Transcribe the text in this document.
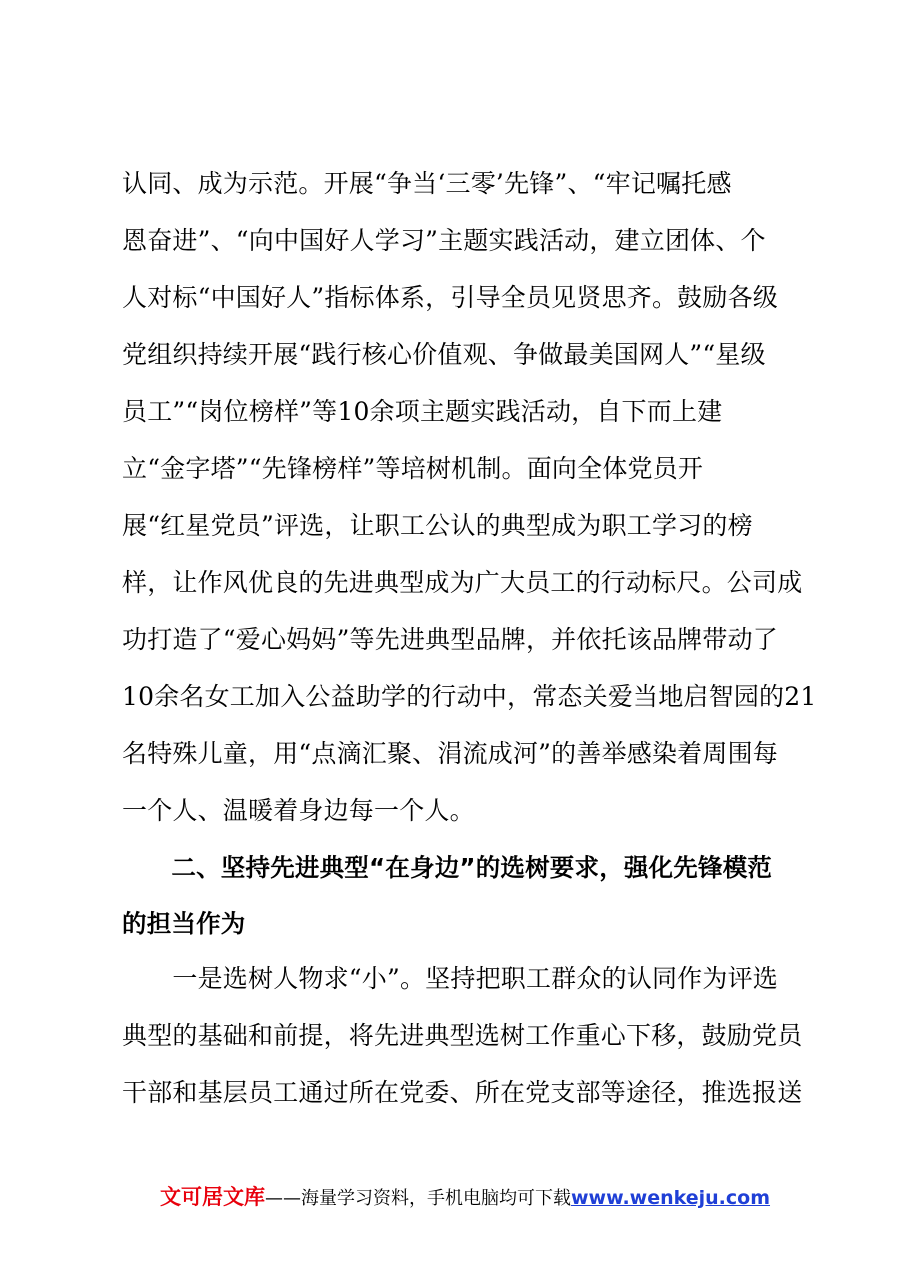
认同、成为示范。开展“争当‘三零’先锋”、“牢记嘱托感

恩奋进”、“向中国好人学习”主题实践活动，建立团体、个

人对标“中国好人”指标体系，引导全员见贤思齐。鼓励各级

党组织持续开展“践行核心价值观、争做最美国网人”“星级

员工”“岗位榜样”等10余项主题实践活动，自下而上建

立“金字塔”“先锋榜样”等培树机制。面向全体党员开

展“红星党员”评选，让职工公认的典型成为职工学习的榜

样，让作风优良的先进典型成为广大员工的行动标尺。公司成

功打造了“爱心妈妈”等先进典型品牌，并依托该品牌带动了

10余名女工加入公益助学的行动中，常态关爱当地启智园的21

名特殊儿童，用“点滴汇聚、涓流成河”的善举感染着周围每

一个人、温暖着身边每一个人。

　　二、坚持先进典型“在身边”的选树要求，强化先锋模范

的担当作为

　　一是选树人物求“小”。坚持把职工群众的认同作为评选

典型的基础和前提，将先进典型选树工作重心下移，鼓励党员

干部和基层员工通过所在党委、所在党支部等途径，推选报送

文可居文库——海量学习资料，手机电脑均可下载www.wenkeju.com
